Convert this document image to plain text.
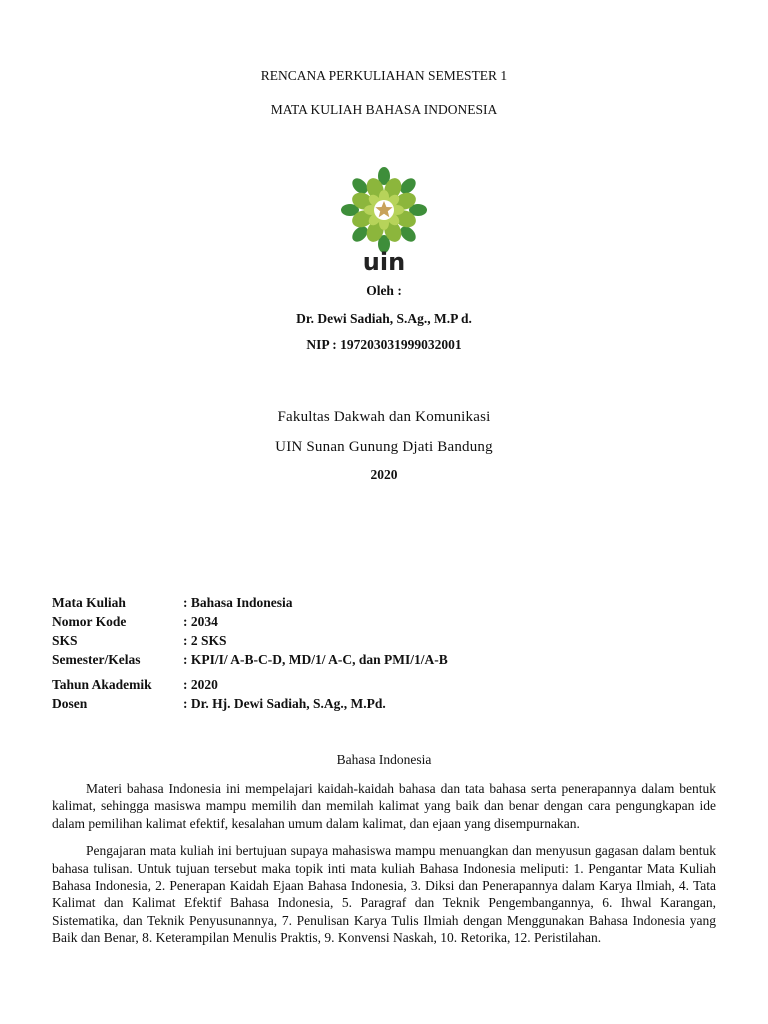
RENCANA PERKULIAHAN SEMESTER 1
MATA KULIAH BAHASA INDONESIA
uin
Oleh :
Dr. Dewi Sadiah, S.Ag., M.P d.
NIP : 197203031999032001
Fakultas Dakwah dan Komunikasi
UIN Sunan Gunung Djati Bandung
2020
Mata Kuliah	: Bahasa Indonesia
Nomor Kode	: 2034
SKS	: 2 SKS
Semester/Kelas	: KPI/I/ A-B-C-D, MD/1/ A-C, dan PMI/1/A-B
Tahun Akademik : 2020
Dosen	: Dr. Hj. Dewi Sadiah, S.Ag., M.Pd.
Bahasa Indonesia

Materi bahasa Indonesia ini mempelajari kaidah-kaidah bahasa dan tata bahasa serta penerapannya dalam bentuk kalimat, sehingga masiswa mampu memilih dan memilah kalimat yang baik dan benar dengan cara pengungkapan ide dalam pemilihan kalimat efektif, kesalahan umum dalam kalimat, dan ejaan yang disempurnakan.

Pengajaran mata kuliah ini bertujuan supaya mahasiswa mampu menuangkan dan menyusun gagasan dalam bentuk bahasa tulisan. Untuk tujuan tersebut maka topik inti mata kuliah Bahasa Indonesia meliputi: 1. Pengantar Mata Kuliah Bahasa Indonesia, 2. Penerapan Kaidah Ejaan Bahasa Indonesia, 3. Diksi dan Penerapannya dalam Karya Ilmiah, 4. Tata Kalimat dan Kalimat Efektif Bahasa Indonesia, 5. Paragraf dan Teknik Pengembangannya, 6. Ihwal Karangan, Sistematika, dan Teknik Penyusunannya, 7. Penulisan Karya Tulis Ilmiah dengan Menggunakan Bahasa Indonesia yang Baik dan Benar, 8. Keterampilan Menulis Praktis, 9. Konvensi Naskah, 10. Retorika, 12. Peristilahan.
